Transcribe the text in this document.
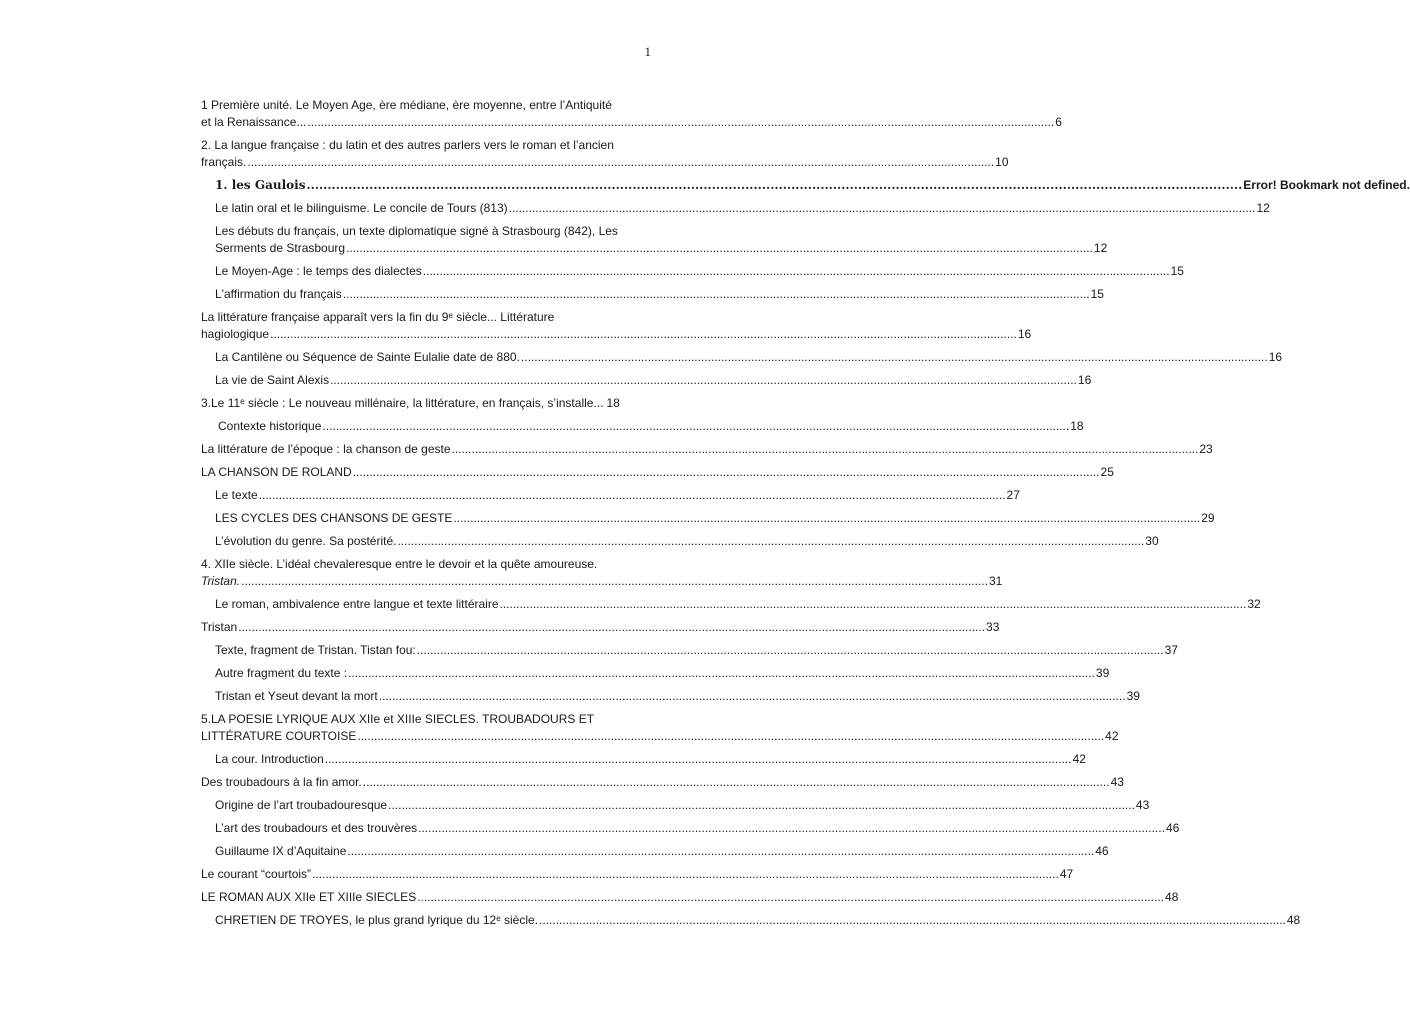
1
1 Première unité. Le Moyen Age, ère médiane, ère moyenne, entre l’Antiquité
et la Renaissance... .....	6
2. La langue française : du latin et des autres parlers vers le roman et l’ancien
français. .....	10
1. les Gaulois .....	Error! Bookmark not defined.
Le latin oral et le bilinguisme. Le concile de Tours (813) .....	12
Les débuts du français, un texte diplomatique signé à Strasbourg (842), Les
Serments de Strasbourg .....	12
Le Moyen-Age : le temps des dialectes .....	15
L'affirmation du français .....	15
La littérature française apparaît vers la fin du 9ᵉ siècle... Littérature
hagiologique .....	16
La Cantilène ou Séquence de Sainte Eulalie date de 880. .....	16
La vie de Saint Alexis .....	16
3.Le 11ᵉ siècle : Le nouveau millénaire, la littérature, en français, s’installe... 18
Contexte historique .....	18
La littérature de l’époque : la chanson de geste .....	23
LA CHANSON DE ROLAND .....	25
Le texte .....	27
LES CYCLES DES CHANSONS DE GESTE .....	29
L’évolution du genre. Sa postérité. .....	30
4. XIIe siècle. L’idéal chevaleresque entre le devoir et la quête amoureuse.
Tristan. .....	31
Le roman, ambivalence entre langue et texte littéraire .....	32
Tristan .....	33
Texte, fragment de Tristan. Tistan fou: .....	37
Autre fragment du texte : .....	39
Tristan et Yseut devant la mort .....	39
5.LA POESIE LYRIQUE AUX XIIe et XIIIe SIECLES. TROUBADOURS ET
LITTÉRATURE COURTOISE .....	42
La cour. Introduction .....	42
Des troubadours à la fin amor. .....	43
Origine de l’art troubadouresque .....	43
L’art des troubadours et des trouvères .....	46
Guillaume IX d’Aquitaine .....	46
Le courant “courtois” .....	47
LE ROMAN AUX XIIe ET XIIIe SIECLES .....	48
CHRETIEN DE TROYES, le plus grand lyrique du 12ᵉ siècle. .....	48
